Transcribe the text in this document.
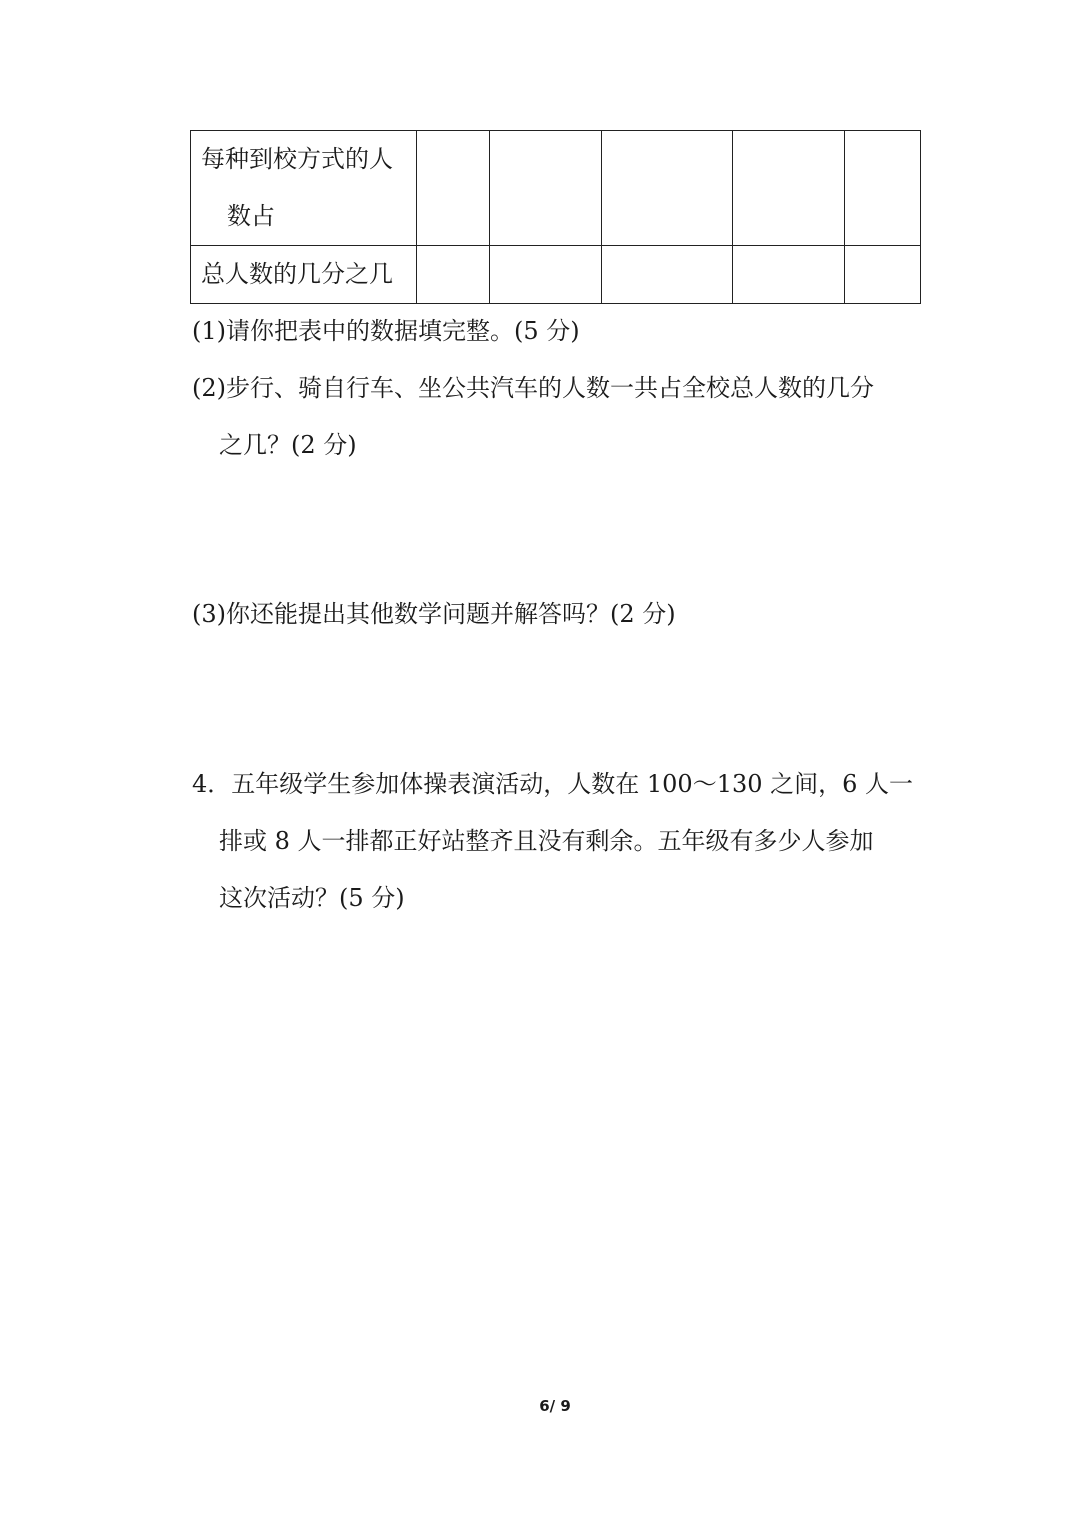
每种到校方式的人
数占					

总人数的几分之几					
(1)请你把表中的数据填完整。(5 分)
(2)步行、骑自行车、坐公共汽车的人数一共占全校总人数的几分
之几？(2 分)
(3)你还能提出其他数学问题并解答吗？(2 分)
4．五年级学生参加体操表演活动，人数在 100～130 之间，6 人一
排或 8 人一排都正好站整齐且没有剩余。五年级有多少人参加
这次活动？(5 分)
6/ 9
